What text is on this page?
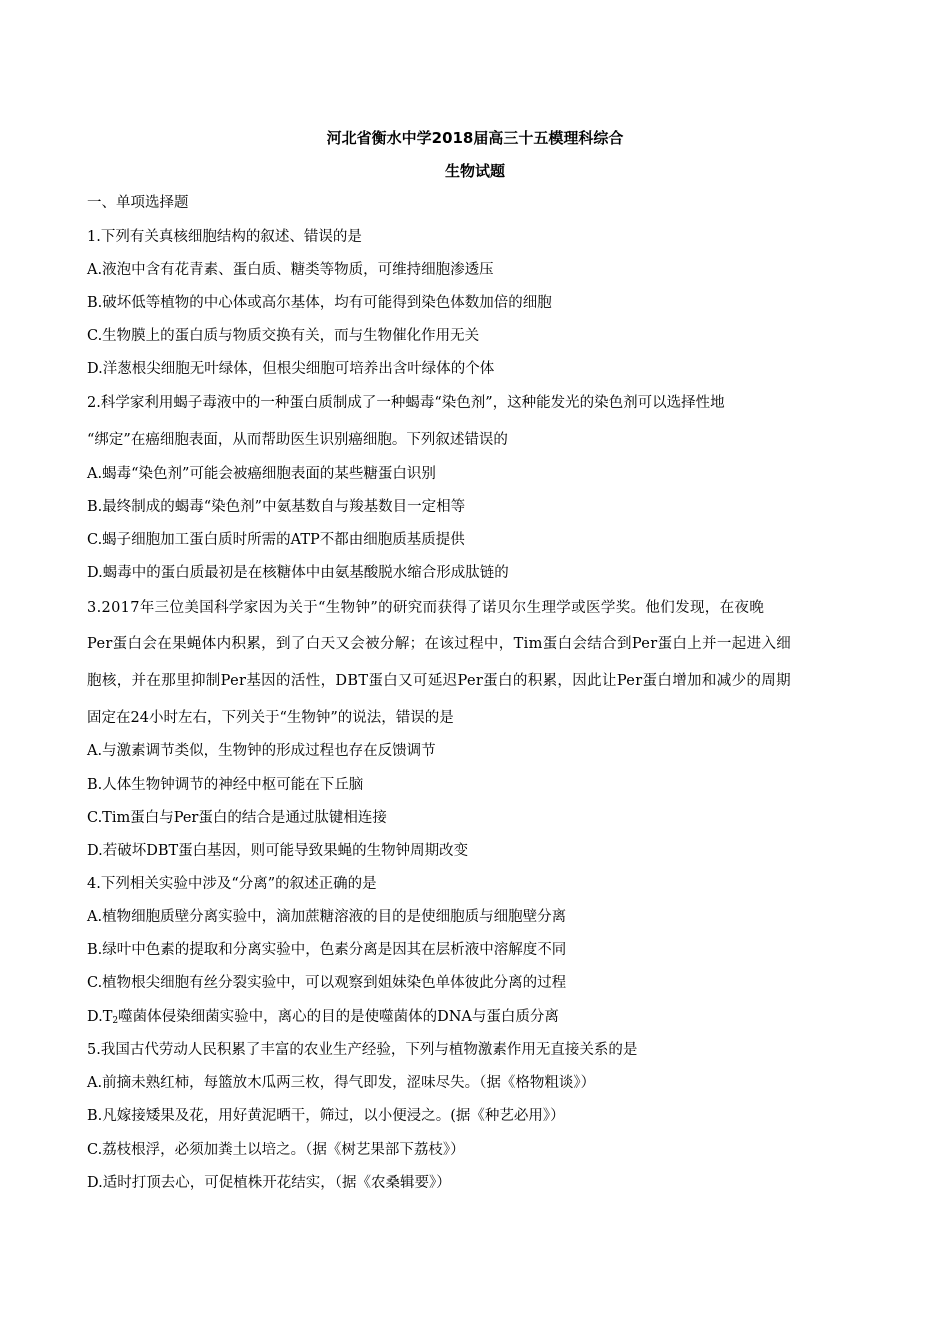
河北省衡水中学2018届高三十五模理科综合
生物试题
一、单项选择题
1.下列有关真核细胞结构的叙述、错误的是
A.液泡中含有花青素、蛋白质、糖类等物质，可维持细胞渗透压
B.破坏低等植物的中心体或高尔基体，均有可能得到染色体数加倍的细胞
C.生物膜上的蛋白质与物质交换有关，而与生物催化作用无关
D.洋葱根尖细胞无叶绿体，但根尖细胞可培养出含叶绿体的个体
2.科学家利用蝎子毒液中的一种蛋白质制成了一种蝎毒“染色剂”，这种能发光的染色剂可以选择性地
“绑定”在癌细胞表面，从而帮助医生识别癌细胞。下列叙述错误的
A.蝎毒“染色剂”可能会被癌细胞表面的某些糖蛋白识别
B.最终制成的蝎毒“染色剂”中氨基数自与羧基数目一定相等
C.蝎子细胞加工蛋白质时所需的ATP不都由细胞质基质提供
D.蝎毒中的蛋白质最初是在核糖体中由氨基酸脱水缩合形成肽链的
3.2017年三位美国科学家因为关于“生物钟”的研究而获得了诺贝尔生理学或医学奖。他们发现，在夜晚
Per蛋白会在果蝇体内积累，到了白天又会被分解；在该过程中，Tim蛋白会结合到Per蛋白上并一起进入细
胞核，并在那里抑制Per基因的活性，DBT蛋白又可延迟Per蛋白的积累，因此让Per蛋白增加和减少的周期
固定在24小时左右，下列关于“生物钟”的说法，错误的是
A.与激素调节类似，生物钟的形成过程也存在反馈调节
B.人体生物钟调节的神经中枢可能在下丘脑
C.Tim蛋白与Per蛋白的结合是通过肽键相连接
D.若破坏DBT蛋白基因，则可能导致果蝇的生物钟周期改变
4.下列相关实验中涉及“分离”的叙述正确的是
A.植物细胞质壁分离实验中，滴加蔗糖溶液的目的是使细胞质与细胞壁分离
B.绿叶中色素的提取和分离实验中，色素分离是因其在层析液中溶解度不同
C.植物根尖细胞有丝分裂实验中，可以观察到姐妹染色单体彼此分离的过程
$D.T_2$噬菌体侵染细菌实验中，离心的目的是使噬菌体的DNA与蛋白质分离
5.我国古代劳动人民积累了丰富的农业生产经验，下列与植物激素作用无直接关系的是
A.前摘未熟红柿，每篮放木瓜两三枚，得气即发，涩味尽失。（据《格物粗谈》）
B.凡嫁接矮果及花，用好黄泥晒干，筛过，以小便浸之。(据《种艺必用》）
C.荔枝根浮，必须加粪土以培之。（据《树艺果部下荔枝》）
D.适时打顶去心，可促植株开花结实，（据《农桑辑要》）
